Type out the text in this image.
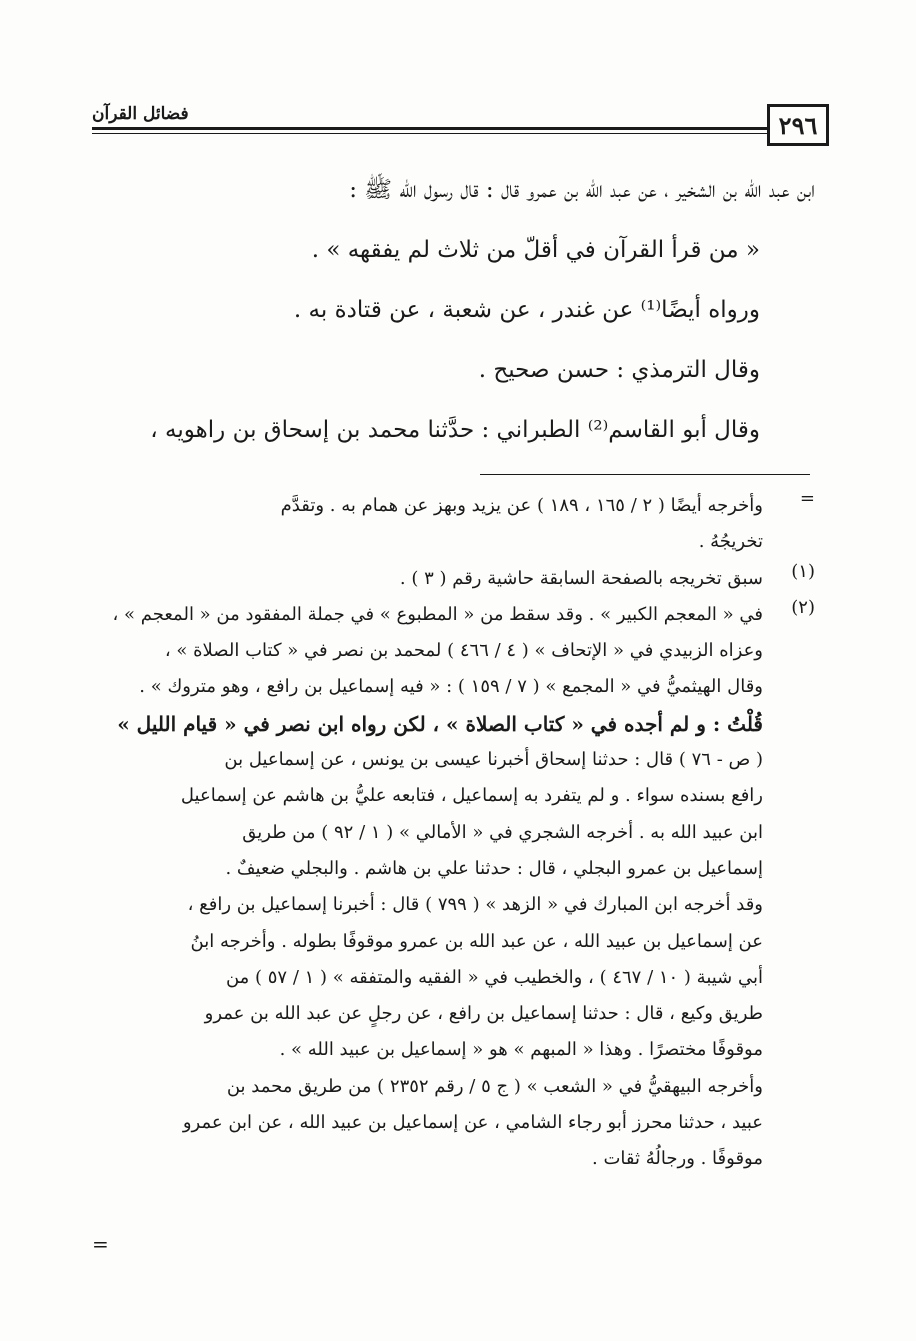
٢٩٦
فضائل القرآن

ابن عبد الله بن الشخير ، عن عبد الله بن عمرو قال : قال رسول الله ﷺ :

« من قرأ القرآن في أقلّ من ثلاث لم يفقهه » .

ورواه أيضًا⁽¹⁾ عن غندر ، عن شعبة ، عن قتادة به .

وقال الترمذي : حسن صحيح .

وقال أبو القاسم⁽²⁾ الطبراني : حدَّثنا محمد بن إسحاق بن راهويه ،

=
وأخرجه أيضًا ( ٢ / ١٦٥ ، ١٨٩ ) عن يزيد وبهز عن همام به . وتقدَّم
تخريجُهُ .
(١)
سبق تخريجه بالصفحة السابقة حاشية رقم ( ٣ ) .
(٢)
في « المعجم الكبير » . وقد سقط من « المطبوع » في جملة المفقود من « المعجم » ،
وعزاه الزبيدي في « الإتحاف » ( ٤ / ٤٦٦ ) لمحمد بن نصر في « كتاب الصلاة » ،
وقال الهيثميُّ في « المجمع » ( ٧ / ١٥٩ ) : « فيه إسماعيل بن رافع ، وهو متروك » .
قُلْتُ : و لم أجده في « كتاب الصلاة » ، لكن رواه ابن نصر في « قيام الليل »
( ص - ٧٦ ) قال : حدثنا إسحاق أخبرنا عيسى بن يونس ، عن إسماعيل بن
رافع بسنده سواء . و لم يتفرد به إسماعيل ، فتابعه عليُّ بن هاشم عن إسماعيل
ابن عبيد الله به . أخرجه الشجري في « الأمالي » ( ١ / ٩٢ ) من طريق
إسماعيل بن عمرو البجلي ، قال : حدثنا علي بن هاشم . والبجلي ضعيفٌ .
وقد أخرجه ابن المبارك في « الزهد » ( ٧٩٩ ) قال : أخبرنا إسماعيل بن رافع ،
عن إسماعيل بن عبيد الله ، عن عبد الله بن عمرو موقوفًا بطوله . وأخرجه ابنُ
أبي شيبة ( ١٠ / ٤٦٧ ) ، والخطيب في « الفقيه والمتفقه » ( ١ / ٥٧ ) من
طريق وكيع ، قال : حدثنا إسماعيل بن رافع ، عن رجلٍ عن عبد الله بن عمرو
موقوفًا مختصرًا . وهذا « المبهم » هو « إسماعيل بن عبيد الله » .
وأخرجه البيهقيُّ في « الشعب » ( ج ٥ / رقم ٢٣٥٢ ) من طريق محمد بن
عبيد ، حدثنا محرز أبو رجاء الشامي ، عن إسماعيل بن عبيد الله ، عن ابن عمرو
موقوفًا . ورجالُهُ ثقات .
=
